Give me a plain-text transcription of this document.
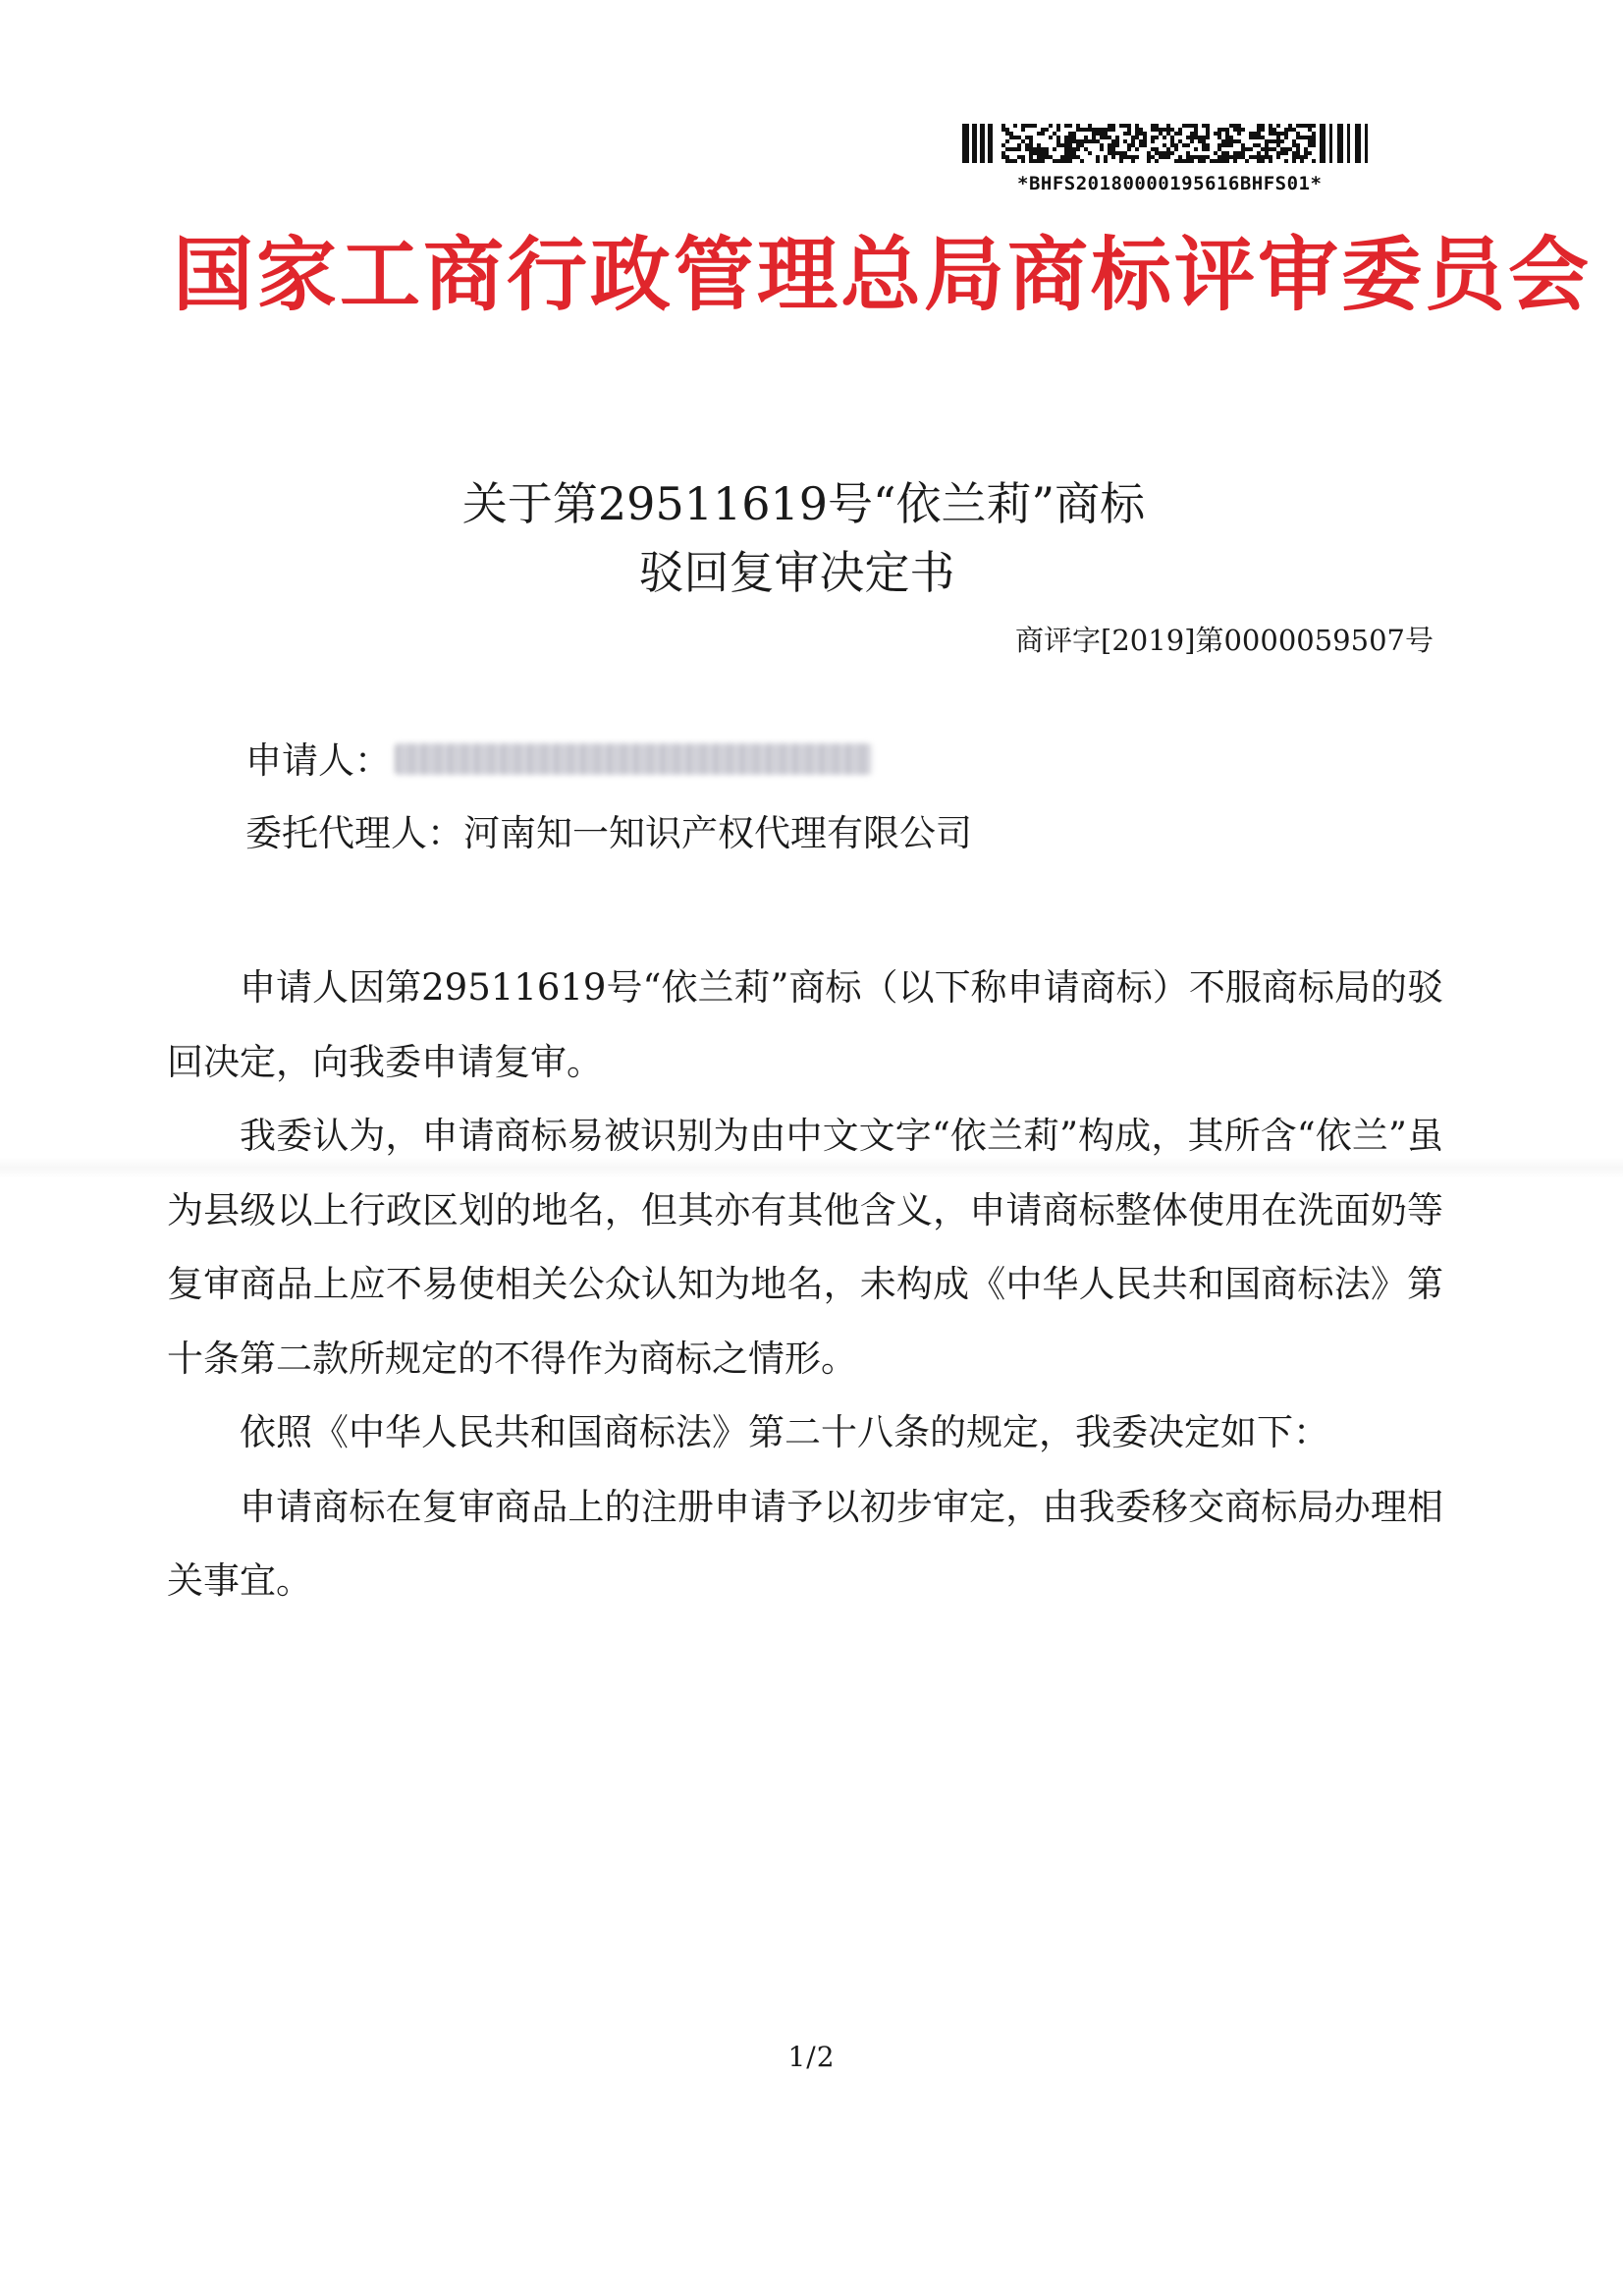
*BHFS20180000195616BHFS01*
国家工商行政管理总局商标评审委员会
关于第29511619号“依兰莉”商标
驳回复审决定书
商评字[2019]第0000059507号
申请人：
委托代理人：河南知一知识产权代理有限公司

申请人因第29511619号“依兰莉”商标（以下称申请商标）不服商标局的驳回决定，向我委申请复审。

我委认为，申请商标易被识别为由中文文字“依兰莉”构成，其所含“依兰”虽为县级以上行政区划的地名，但其亦有其他含义，申请商标整体使用在洗面奶等复审商品上应不易使相关公众认知为地名，未构成《中华人民共和国商标法》第十条第二款所规定的不得作为商标之情形。

依照《中华人民共和国商标法》第二十八条的规定，我委决定如下：

申请商标在复审商品上的注册申请予以初步审定，由我委移交商标局办理相关事宜。

1/2
